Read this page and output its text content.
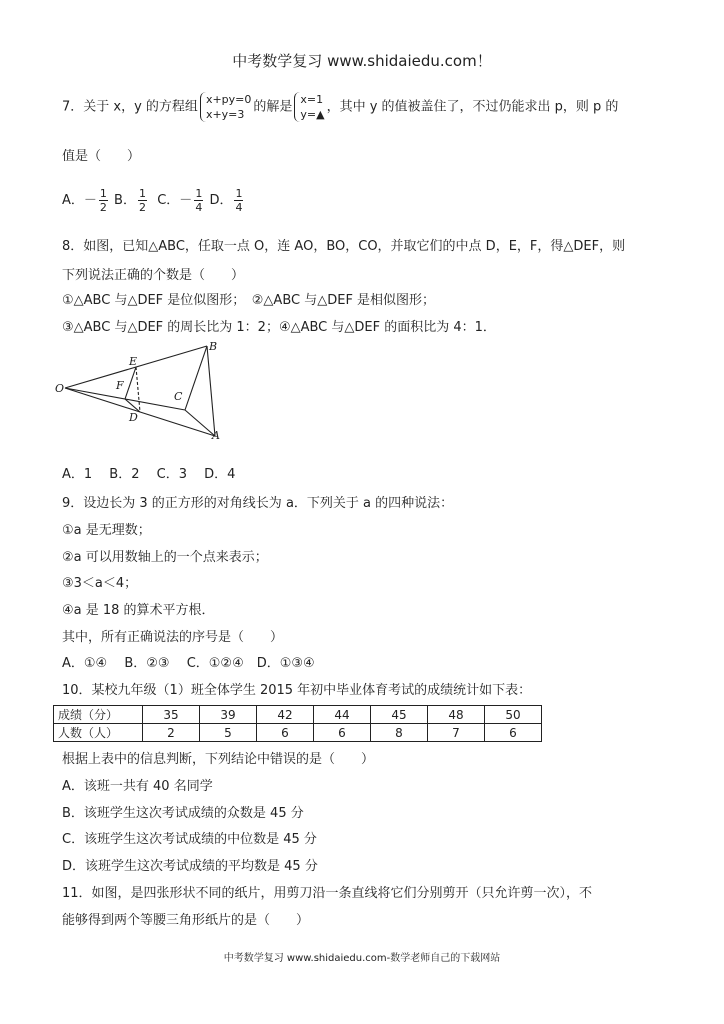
中考数学复习 www.shidaiedu.com！
7．关于 x，y 的方程组 x+py=0
x+y=3 的解是 x=1
y=▲ ，其中 y 的值被盖住了，不过仍能求出 p，则 p 的
值是（　　）
A．－ $\frac{1}{2}$ B． $\frac{1}{2}$ C．－ $\frac{1}{4}$ D． $\frac{1}{4}$
8．如图，已知△ABC，任取一点 O，连 AO，BO，CO，并取它们的中点 D，E，F，得△DEF，则
下列说法正确的个数是（　　）
①△ABC 与△DEF 是位似图形；　②△ABC 与△DEF 是相似图形；
③△ABC 与△DEF 的周长比为 1：2；④△ABC 与△DEF 的面积比为 4：1．
O
E
F
D
C
B
A
A．1　 B．2　 C．3　 D．4
9．设边长为 3 的正方形的对角线长为 a．下列关于 a 的四种说法：
①a 是无理数；
②a 可以用数轴上的一个点来表示；
③3＜a＜4；
④a 是 18 的算术平方根．
其中，所有正确说法的序号是（　　）
A．①④　 B．②③　 C．①②④　D．①③④
10．某校九年级（1）班全体学生 2015 年初中毕业体育考试的成绩统计如下表：
成绩（分）	35	39	42	44	45	48	50
人数（人）	2	5	6	6	8	7	6
根据上表中的信息判断，下列结论中错误的是（　　）
A．该班一共有 40 名同学
B．该班学生这次考试成绩的众数是 45 分
C．该班学生这次考试成绩的中位数是 45 分
D．该班学生这次考试成绩的平均数是 45 分
11．如图，是四张形状不同的纸片，用剪刀沿一条直线将它们分别剪开（只允许剪一次），不
能够得到两个等腰三角形纸片的是（　　）
中考数学复习 www.shidaiedu.com-数学老师自己的下载网站
